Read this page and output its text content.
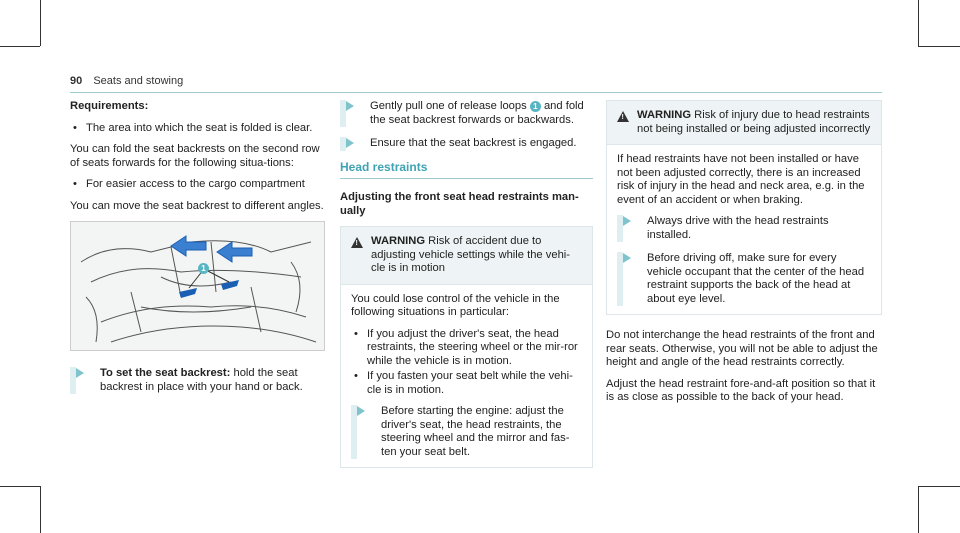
90 Seats and stowing

Requirements:

• The area into which the seat is folded is clear.

You can fold the seat backrests on the second row of seats forwards for the following situa-tions:

• For easier access to the cargo compartment

You can move the seat backrest to different angles.

1
To set the seat backrest: hold the seat backrest in place with your hand or back.
Gently pull one of release loops 1 and fold the seat backrest forwards or backwards.
Ensure that the seat backrest is engaged.
Head restraints

Adjusting the front seat head restraints man-ually

! WARNING Risk of accident due to adjusting vehicle settings while the vehi-cle is in motion

You could lose control of the vehicle in the following situations in particular:

• If you adjust the driver's seat, the head restraints, the steering wheel or the mir-ror while the vehicle is in motion.
• If you fasten your seat belt while the vehi-cle is in motion.
Before starting the engine: adjust the driver's seat, the head restraints, the steering wheel and the mirror and fas-ten your seat belt.
! WARNING Risk of injury due to head restraints not being installed or being adjusted incorrectly

If head restraints have not been installed or have not been adjusted correctly, there is an increased risk of injury in the head and neck area, e.g. in the event of an accident or when braking.

Always drive with the head restraints installed.
Before driving off, make sure for every vehicle occupant that the center of the head restraint supports the back of the head at about eye level.

Do not interchange the head restraints of the front and rear seats. Otherwise, you will not be able to adjust the height and angle of the head restraints correctly.

Adjust the head restraint fore-and-aft position so that it is as close as possible to the back of your head.
